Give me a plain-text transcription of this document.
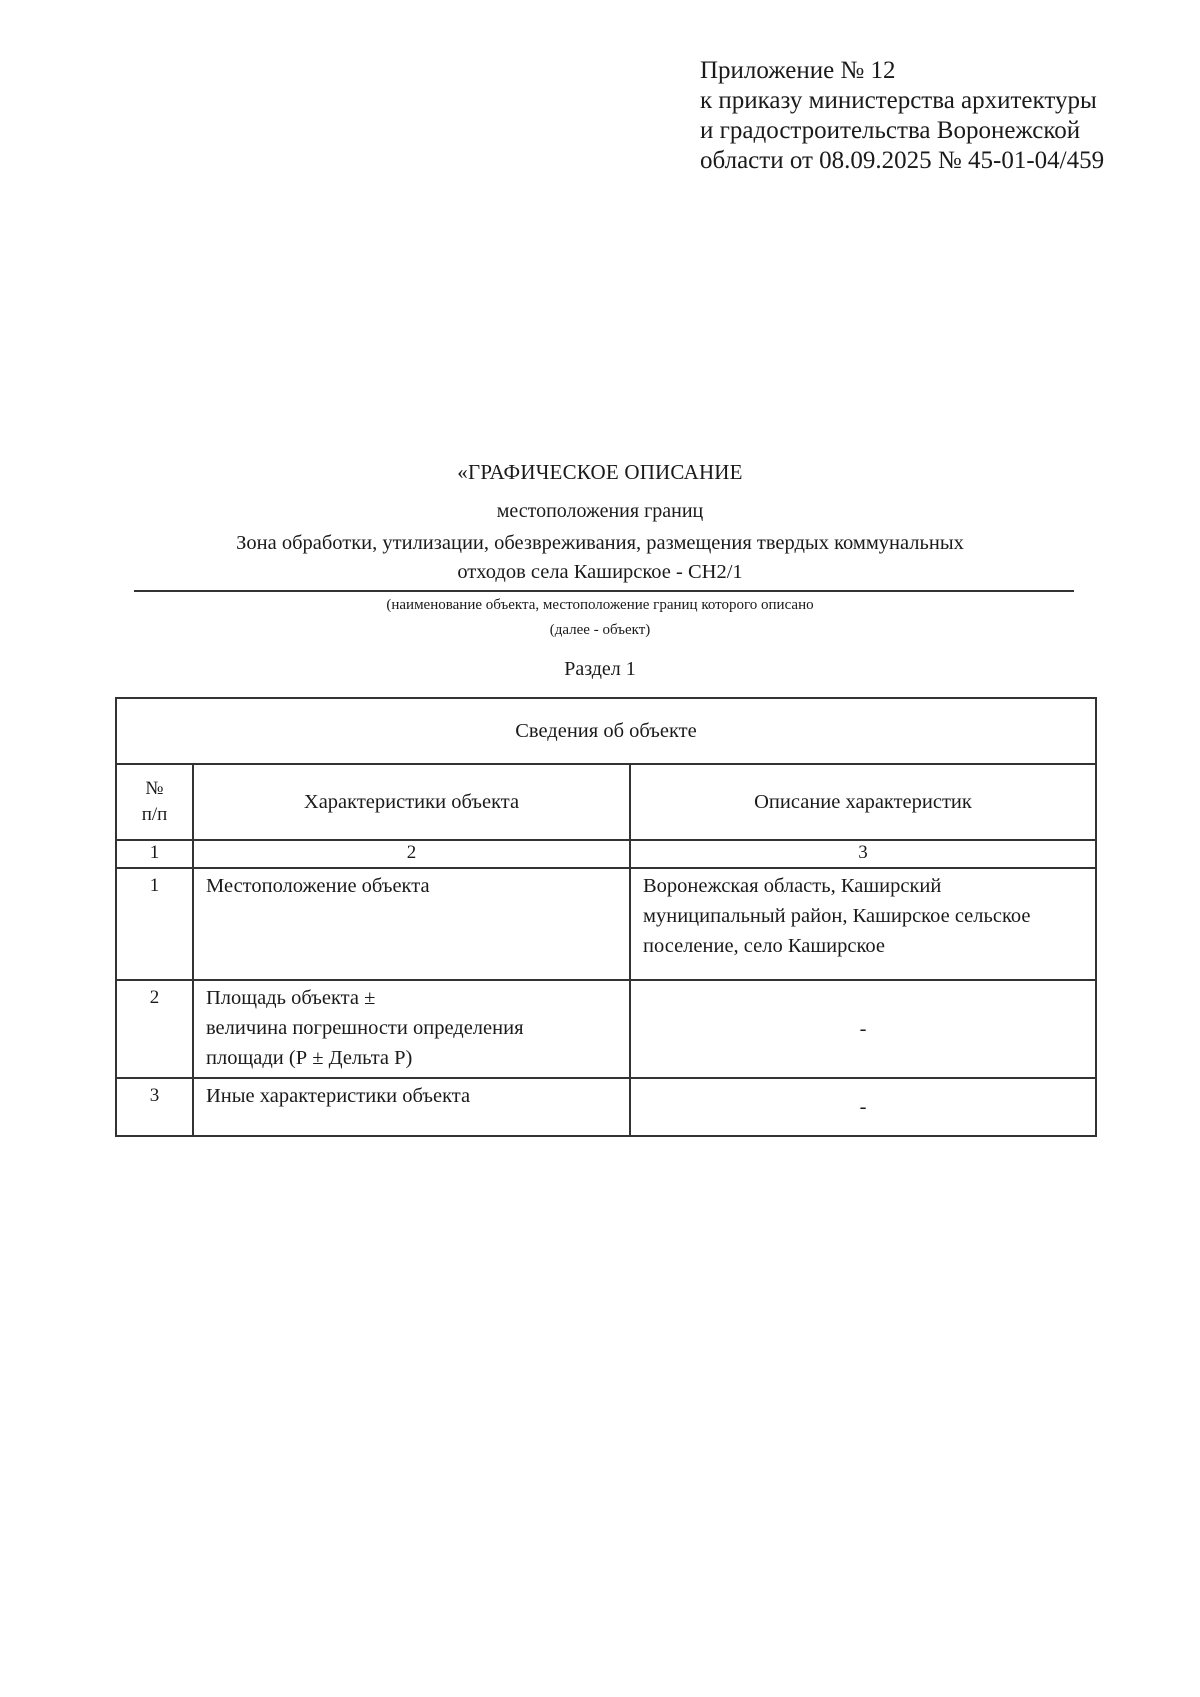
Приложение № 12
к приказу министерства архитектуры
и градостроительства Воронежской
области от 08.09.2025 № 45-01-04/459
«ГРАФИЧЕСКОЕ ОПИСАНИЕ
местоположения границ
Зона обработки, утилизации, обезвреживания, размещения твердых коммунальных
отходов села Каширское - СН2/1
(наименование объекта, местоположение границ которого описано
(далее - объект)
Раздел 1
Сведения об объекте		

№
п/п	Характеристики объекта	Описание характеристик
1	2	3
1	Местоположение объекта	Воронежская область, Каширский муниципальный район, Каширское сельское поселение, село Каширское
2	Площадь объекта ±
величина погрешности определения
площади (Р ± Дельта Р)	-
3	Иные характеристики объекта	-
